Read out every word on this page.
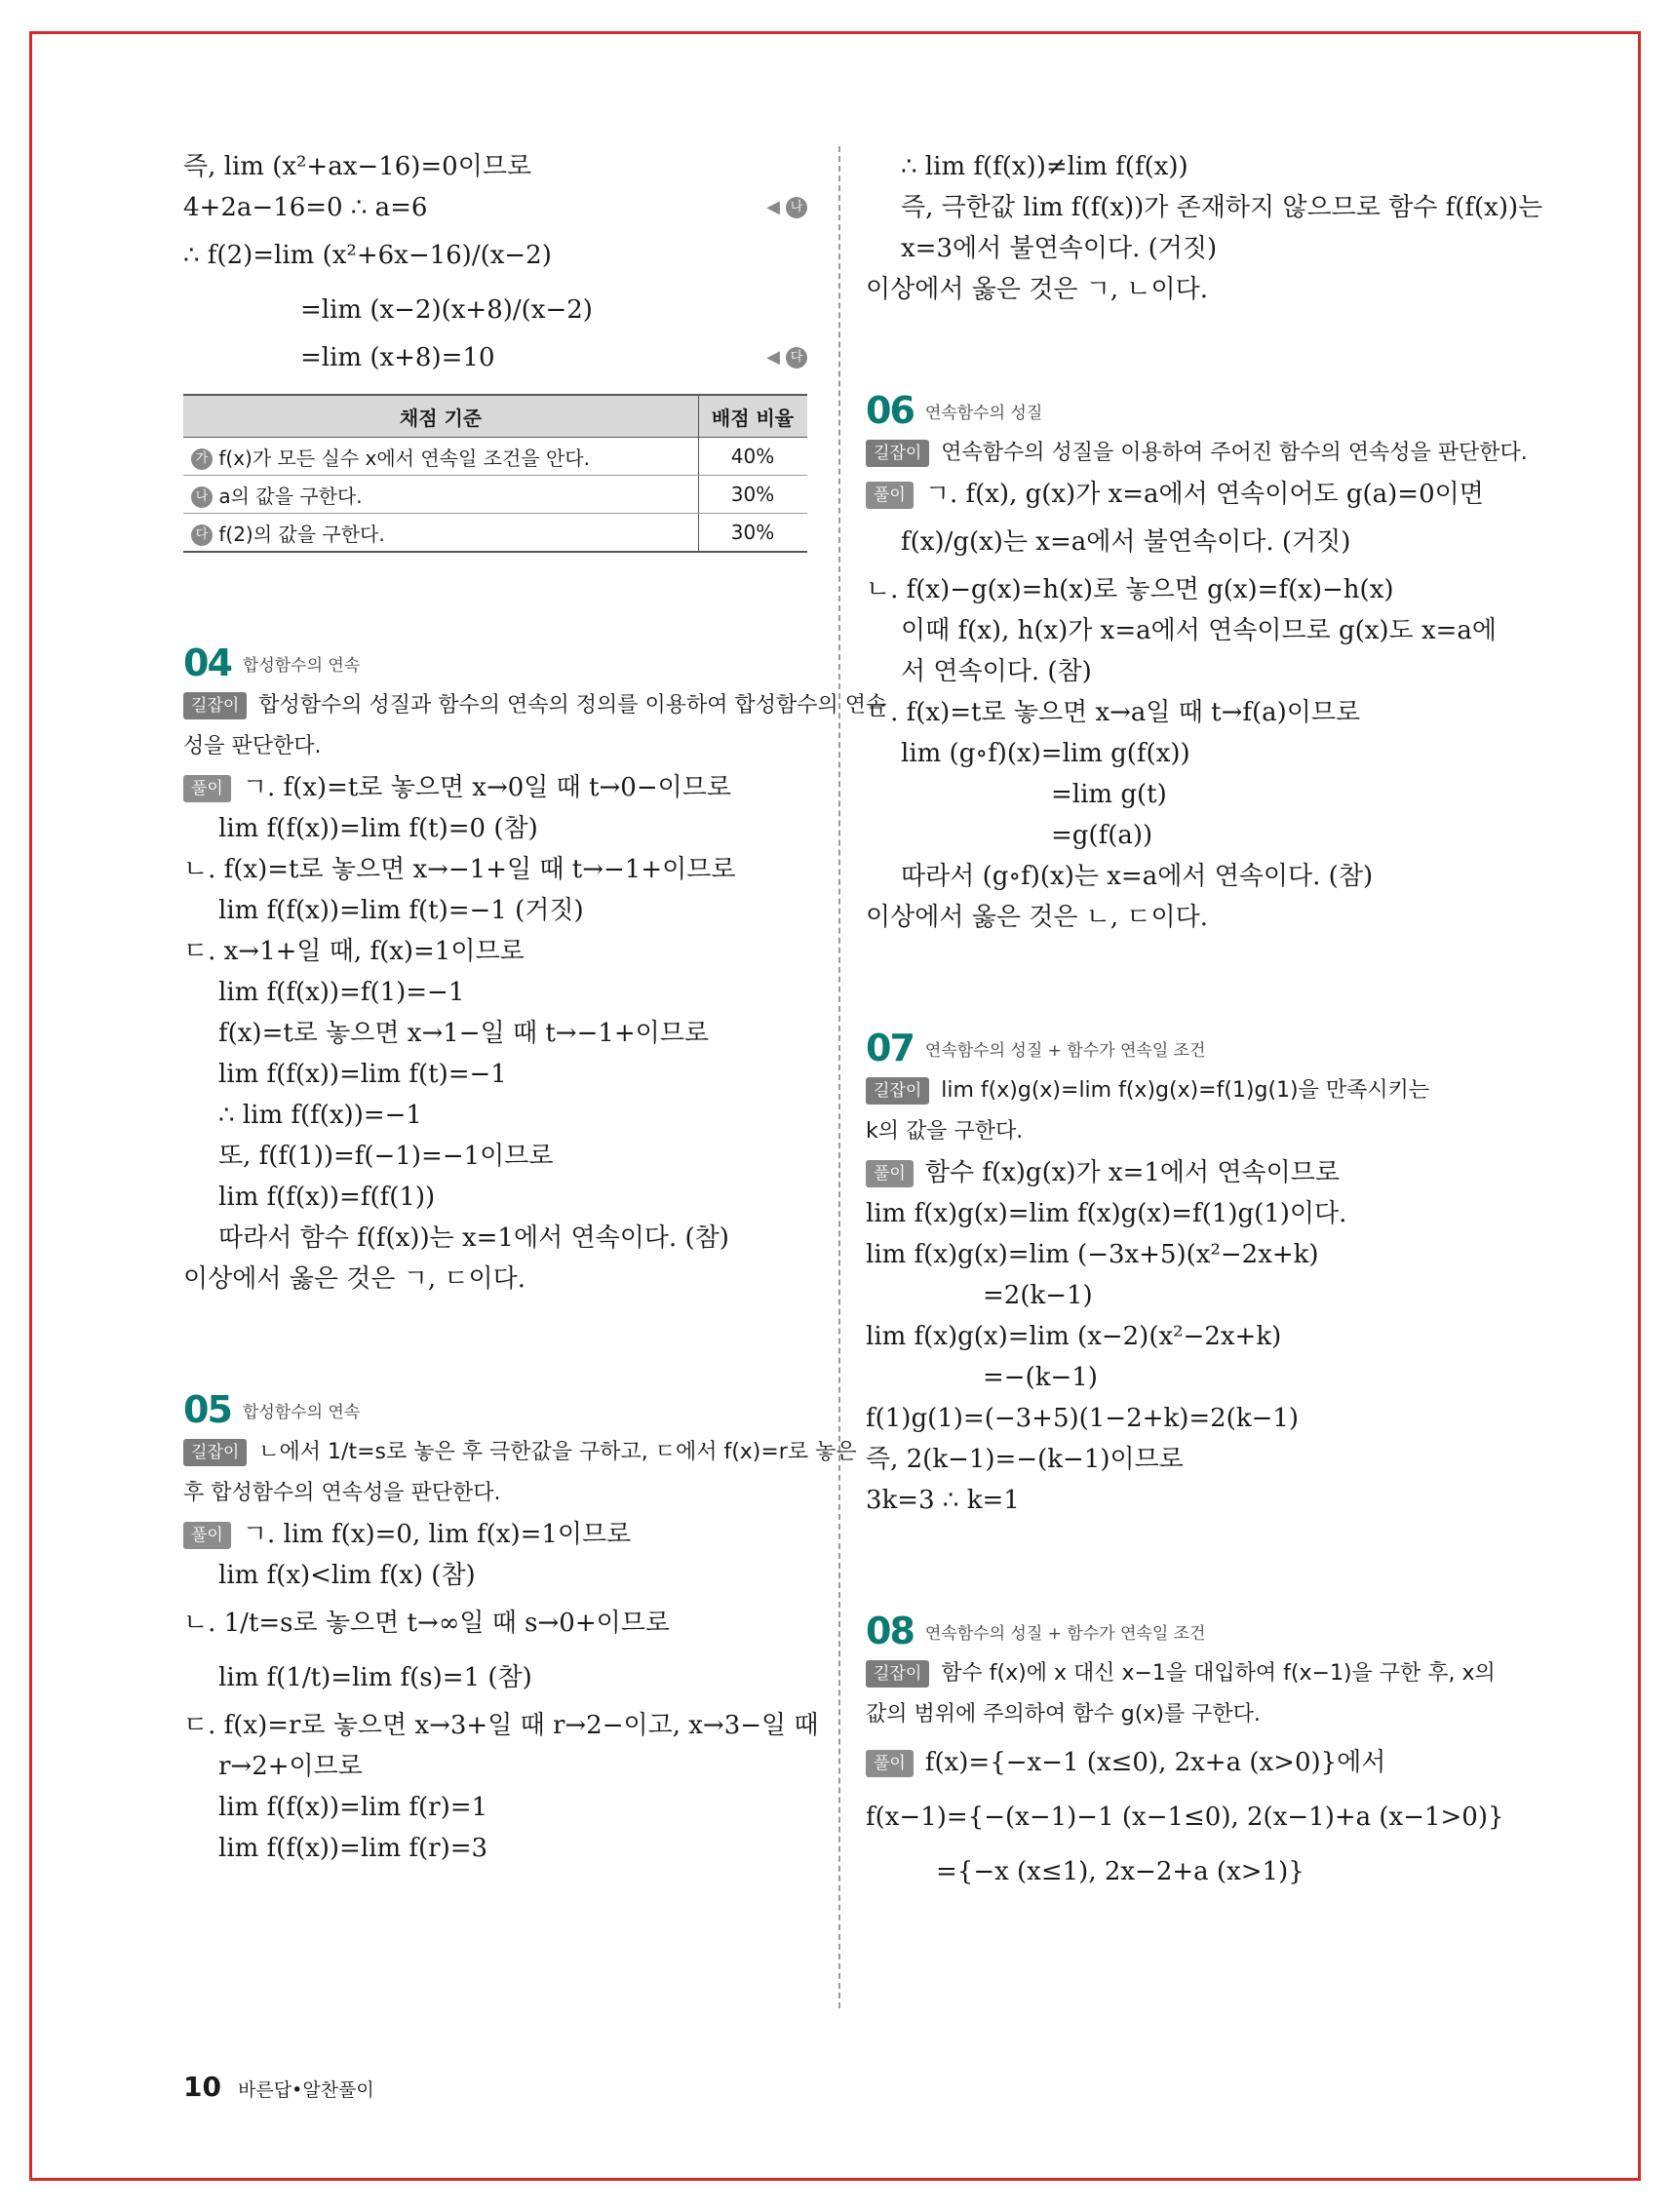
즉, lim (x²+ax−16)=0이므로

4+2a−16=0 ∴ a=6	◀ 나

∴ f(2)=lim (x²+6x−16)/(x−2)

=lim (x−2)(x+8)/(x−2)

=lim (x+8)=10	◀ 다

채점 기준	배점 비율
가 f(x)가 모든 실수 x에서 연속일 조건을 안다.	40%
나 a의 값을 구한다.	30%
다 f(2)의 값을 구한다.	30%
04 합성함수의 연속

길잡이 합성함수의 성질과 함수의 연속의 정의를 이용하여 합성함수의 연속

성을 판단한다.

풀이 ㄱ. f(x)=t로 놓으면 x→0일 때 t→0−이므로

lim f(f(x))=lim f(t)=0 (참)

ㄴ. f(x)=t로 놓으면 x→−1+일 때 t→−1+이므로

lim f(f(x))=lim f(t)=−1 (거짓)

ㄷ. x→1+일 때, f(x)=1이므로

lim f(f(x))=f(1)=−1

f(x)=t로 놓으면 x→1−일 때 t→−1+이므로

lim f(f(x))=lim f(t)=−1

∴ lim f(f(x))=−1

또, f(f(1))=f(−1)=−1이므로

lim f(f(x))=f(f(1))

따라서 함수 f(f(x))는 x=1에서 연속이다. (참)

이상에서 옳은 것은 ㄱ, ㄷ이다.

05 합성함수의 연속

길잡이 ㄴ에서 1/t=s로 놓은 후 극한값을 구하고, ㄷ에서 f(x)=r로 놓은

후 합성함수의 연속성을 판단한다.

풀이 ㄱ. lim f(x)=0, lim f(x)=1이므로

lim f(x)<lim f(x) (참)

ㄴ. 1/t=s로 놓으면 t→∞일 때 s→0+이므로

lim f(1/t)=lim f(s)=1 (참)

ㄷ. f(x)=r로 놓으면 x→3+일 때 r→2−이고, x→3−일 때

r→2+이므로

lim f(f(x))=lim f(r)=1

lim f(f(x))=lim f(r)=3

∴ lim f(f(x))≠lim f(f(x))

즉, 극한값 lim f(f(x))가 존재하지 않으므로 함수 f(f(x))는

x=3에서 불연속이다. (거짓)

이상에서 옳은 것은 ㄱ, ㄴ이다.

06 연속함수의 성질

길잡이 연속함수의 성질을 이용하여 주어진 함수의 연속성을 판단한다.

풀이 ㄱ. f(x), g(x)가 x=a에서 연속이어도 g(a)=0이면

f(x)/g(x)는 x=a에서 불연속이다. (거짓)

ㄴ. f(x)−g(x)=h(x)로 놓으면 g(x)=f(x)−h(x)

이때 f(x), h(x)가 x=a에서 연속이므로 g(x)도 x=a에

서 연속이다. (참)

ㄷ. f(x)=t로 놓으면 x→a일 때 t→f(a)이므로

lim (g∘f)(x)=lim g(f(x))

=lim g(t)

=g(f(a))

따라서 (g∘f)(x)는 x=a에서 연속이다. (참)

이상에서 옳은 것은 ㄴ, ㄷ이다.

07 연속함수의 성질 + 함수가 연속일 조건

길잡이 lim f(x)g(x)=lim f(x)g(x)=f(1)g(1)을 만족시키는

k의 값을 구한다.

풀이 함수 f(x)g(x)가 x=1에서 연속이므로

lim f(x)g(x)=lim f(x)g(x)=f(1)g(1)이다.

lim f(x)g(x)=lim (−3x+5)(x²−2x+k)

=2(k−1)

lim f(x)g(x)=lim (x−2)(x²−2x+k)

=−(k−1)

f(1)g(1)=(−3+5)(1−2+k)=2(k−1)

즉, 2(k−1)=−(k−1)이므로

3k=3 ∴ k=1

08 연속함수의 성질 + 함수가 연속일 조건

길잡이 함수 f(x)에 x 대신 x−1을 대입하여 f(x−1)을 구한 후, x의

값의 범위에 주의하여 함수 g(x)를 구한다.

풀이 f(x)={−x−1 (x≤0), 2x+a (x>0)}에서

f(x−1)={−(x−1)−1 (x−1≤0), 2(x−1)+a (x−1>0)}

={−x (x≤1), 2x−2+a (x>1)}

10 바른답•알찬풀이
